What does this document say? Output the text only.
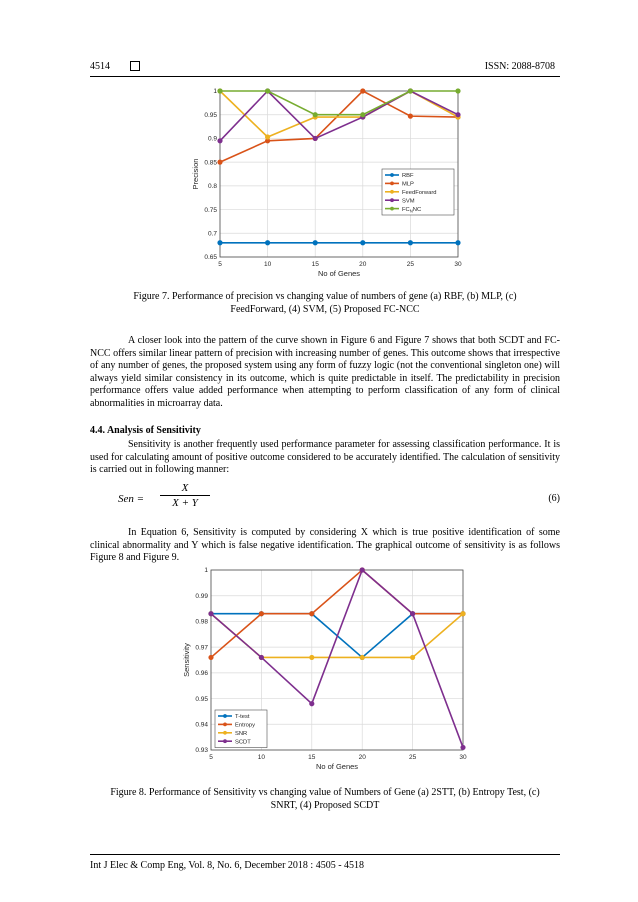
4514	ISSN: 2088-8708
5	10	15	20	25	30
0.65
0.7
0.75
0.8
0.85
0.9
0.95
1
No of Genes
Precision	RBF
MLP
FeedForward
SVM
$FC_NNC$
Figure 7. Performance of precision vs changing value of numbers of gene (a) RBF, (b) MLP, (c)
FeedForward, (4) SVM, (5) Proposed FC-NCC
A closer look into the pattern of the curve shown in Figure 6 and Figure 7 shows that both SCDT and FC-NCC offers similar linear pattern of precision with increasing number of genes. This outcome shows that irrespective of any number of genes, the proposed system using any form of fuzzy logic (not the conventional singleton one) will always yield similar consistency in its outcome, which is quite predictable in itself. The predictability in precision performance offers value added performance when attempting to perform classification of any form of clinical abnormalities in microarray data.
4.4. Analysis of Sensitivity
Sensitivity is another frequently used performance parameter for assessing classification performance. It is used for calculating amount of positive outcome considered to be accurately identified. The calculation of sensitivity is carried out in following manner:
Sen =
X
X + Y	(6)
In Equation 6, Sensitivity is computed by considering X which is true positive identification of some clinical abnormality and Y which is false negative identification. The graphical outcome of sensitivity is as follows Figure 8 and Figure 9.
5	10	15	20	25	30
0.93
0.94
0.95
0.96
0.97
0.98
0.99
1
No of Genes
Sensitivity
T-test
Entropy
SNR
SCDT
Figure 8. Performance of Sensitivity vs changing value of Numbers of Gene (a) 2STT, (b) Entropy Test, (c)
SNRT, (4) Proposed SCDT
Int J Elec & Comp Eng, Vol. 8, No. 6, December 2018 : 4505 - 4518
